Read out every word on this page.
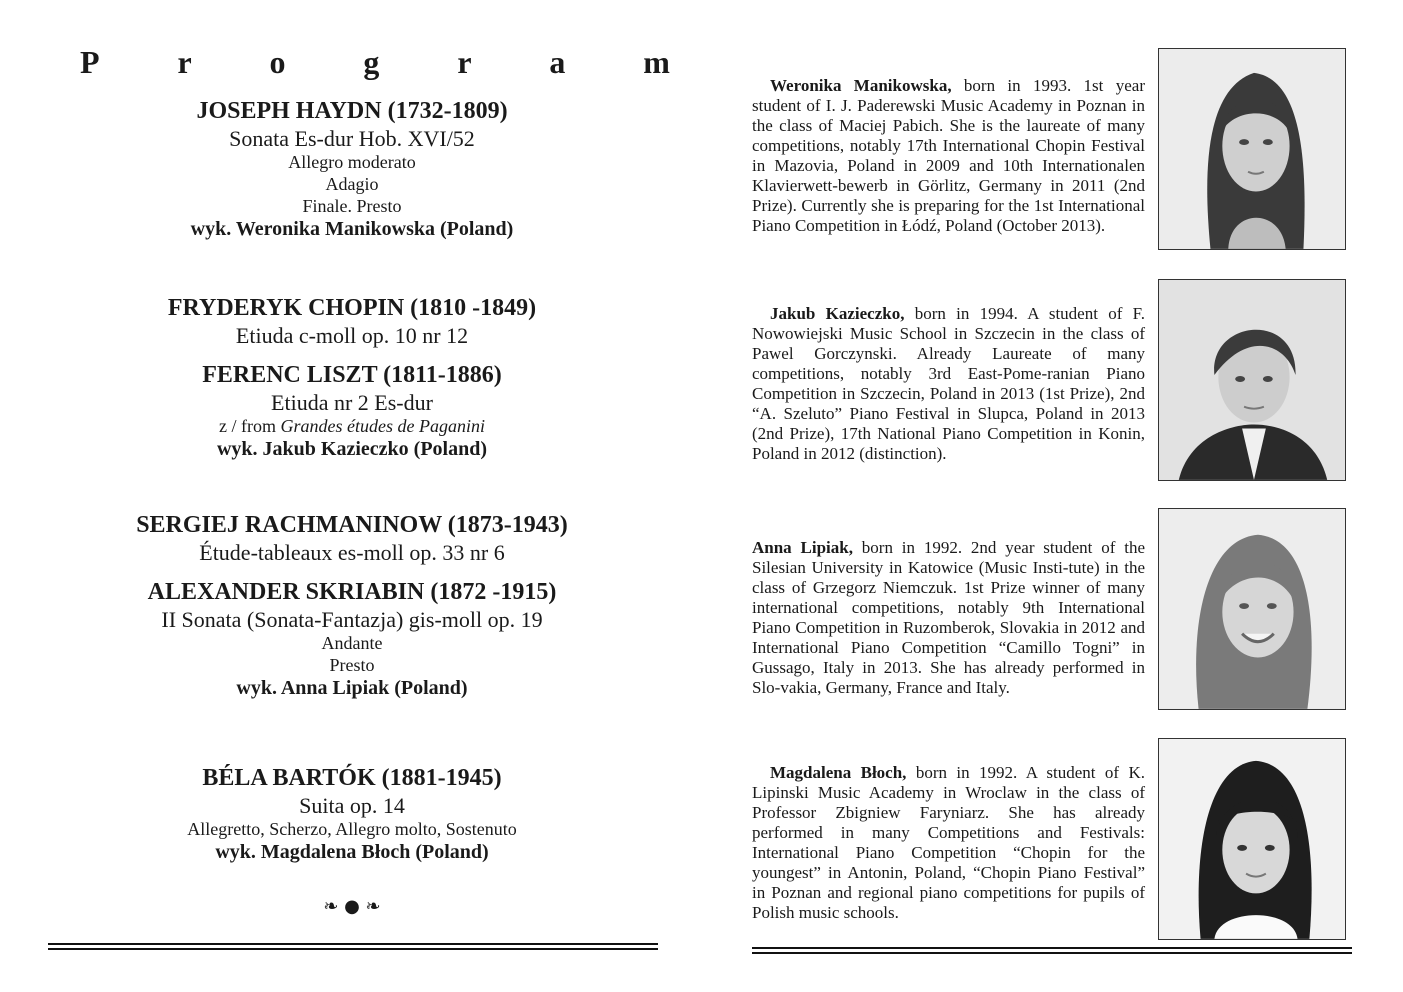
P r o g r a m
JOSEPH HAYDN (1732-1809)
Sonata Es-dur Hob. XVI/52
Allegro moderato
Adagio
Finale. Presto
wyk. Weronika Manikowska (Poland)
FRYDERYK CHOPIN (1810 -1849)
Etiuda c-moll op. 10 nr 12
FERENC LISZT (1811-1886)
Etiuda nr 2 Es-dur
z / from Grandes études de Paganini
wyk. Jakub Kazieczko (Poland)
SERGIEJ RACHMANINOW (1873-1943)
Étude-tableaux es-moll op. 33 nr 6
ALEXANDER SKRIABIN (1872 -1915)
II Sonata (Sonata-Fantazja) gis-moll op. 19
Andante
Presto
wyk. Anna Lipiak (Poland)
BÉLA BARTÓK (1881-1945)
Suita op. 14
Allegretto, Scherzo, Allegro molto, Sostenuto
wyk. Magdalena Błoch (Poland)
❧ ● ❧

Weronika Manikowska, born in 1993. 1st year student of I. J. Paderewski Music Academy in Poznan in the class of Maciej Pabich. She is the laureate of many competitions, notably 17th International Chopin Festival in Mazovia, Poland in 2009 and 10th Internationalen Klavierwett-bewerb in Görlitz, Germany in 2011 (2nd Prize). Currently she is preparing for the 1st International Piano Competition in Łódź, Poland (October 2013).

Jakub Kazieczko, born in 1994. A student of F. Nowowiejski Music School in Szczecin in the class of Pawel Gorczynski. Already Laureate of many competitions, notably 3rd East-Pome-ranian Piano Competition in Szczecin, Poland in 2013 (1st Prize), 2nd “A. Szeluto” Piano Festival in Slupca, Poland in 2013 (2nd Prize), 17th National Piano Competition in Konin, Poland in 2012 (distinction).

Anna Lipiak, born in 1992. 2nd year student of the Silesian University in Katowice (Music Insti-tute) in the class of Grzegorz Niemczuk. 1st Prize winner of many international competitions, notably 9th International Piano Competition in Ruzomberok, Slovakia in 2012 and International Piano Competition “Camillo Togni” in Gussago, Italy in 2013. She has already performed in Slo-vakia, Germany, France and Italy.

Magdalena Błoch, born in 1992. A student of K. Lipinski Music Academy in Wroclaw in the class of Professor Zbigniew Faryniarz. She has already performed in many Competitions and Festivals: International Piano Competition “Chopin for the youngest” in Antonin, Poland, “Chopin Piano Festival” in Poznan and regional piano competitions for pupils of Polish music schools.
